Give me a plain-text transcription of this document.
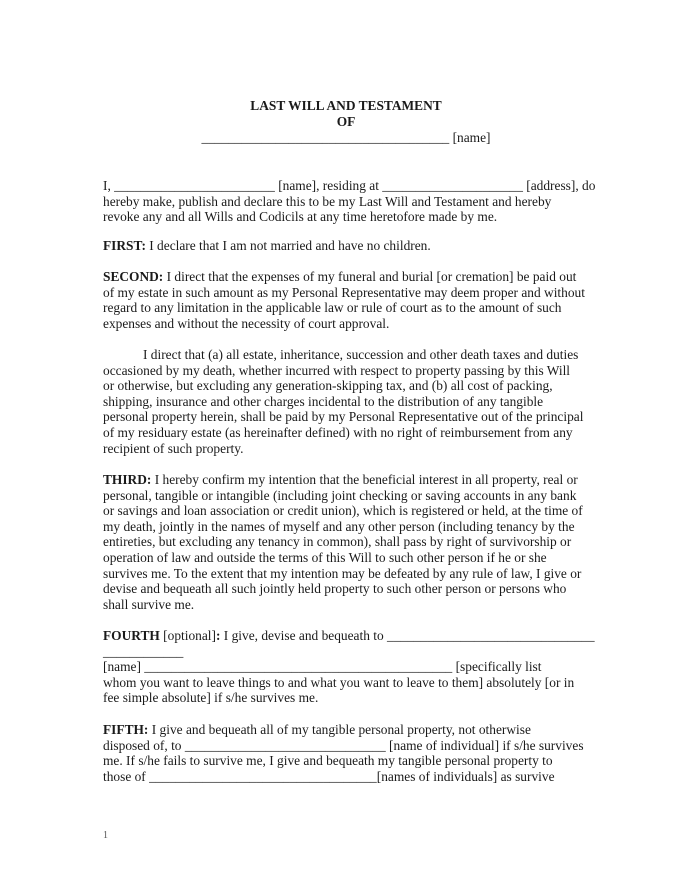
LAST WILL AND TESTAMENT
OF
_____________________________________ [name]
I, ________________________ [name], residing at _____________________ [address], do
hereby make, publish and declare this to be my Last Will and Testament and hereby
revoke any and all Wills and Codicils at any time heretofore made by me.
FIRST: I declare that I am not married and have no children.
SECOND: I direct that the expenses of my funeral and burial [or cremation] be paid out
of my estate in such amount as my Personal Representative may deem proper and without
regard to any limitation in the applicable law or rule of court as to the amount of such
expenses and without the necessity of court approval.
I direct that (a) all estate, inheritance, succession and other death taxes and duties
occasioned by my death, whether incurred with respect to property passing by this Will
or otherwise, but excluding any generation-skipping tax, and (b) all cost of packing,
shipping, insurance and other charges incidental to the distribution of any tangible
personal property herein, shall be paid by my Personal Representative out of the principal
of my residuary estate (as hereinafter defined) with no right of reimbursement from any
recipient of such property.
THIRD: I hereby confirm my intention that the beneficial interest in all property, real or
personal, tangible or intangible (including joint checking or saving accounts in any bank
or savings and loan association or credit union), which is registered or held, at the time of
my death, jointly in the names of myself and any other person (including tenancy by the
entireties, but excluding any tenancy in common), shall pass by right of survivorship or
operation of law and outside the terms of this Will to such other person if he or she
survives me. To the extent that my intention may be defeated by any rule of law, I give or
devise and bequeath all such jointly held property to such other person or persons who
shall survive me.
FOURTH [optional]: I give, devise and bequeath to _______________________________
____________
[name] ______________________________________________ [specifically list
whom you want to leave things to and what you want to leave to them] absolutely [or in
fee simple absolute] if s/he survives me.
FIFTH: I give and bequeath all of my tangible personal property, not otherwise
disposed of, to ______________________________ [name of individual] if s/he survives
me. If s/he fails to survive me, I give and bequeath my tangible personal property to
those of __________________________________[names of individuals] as survive
1
